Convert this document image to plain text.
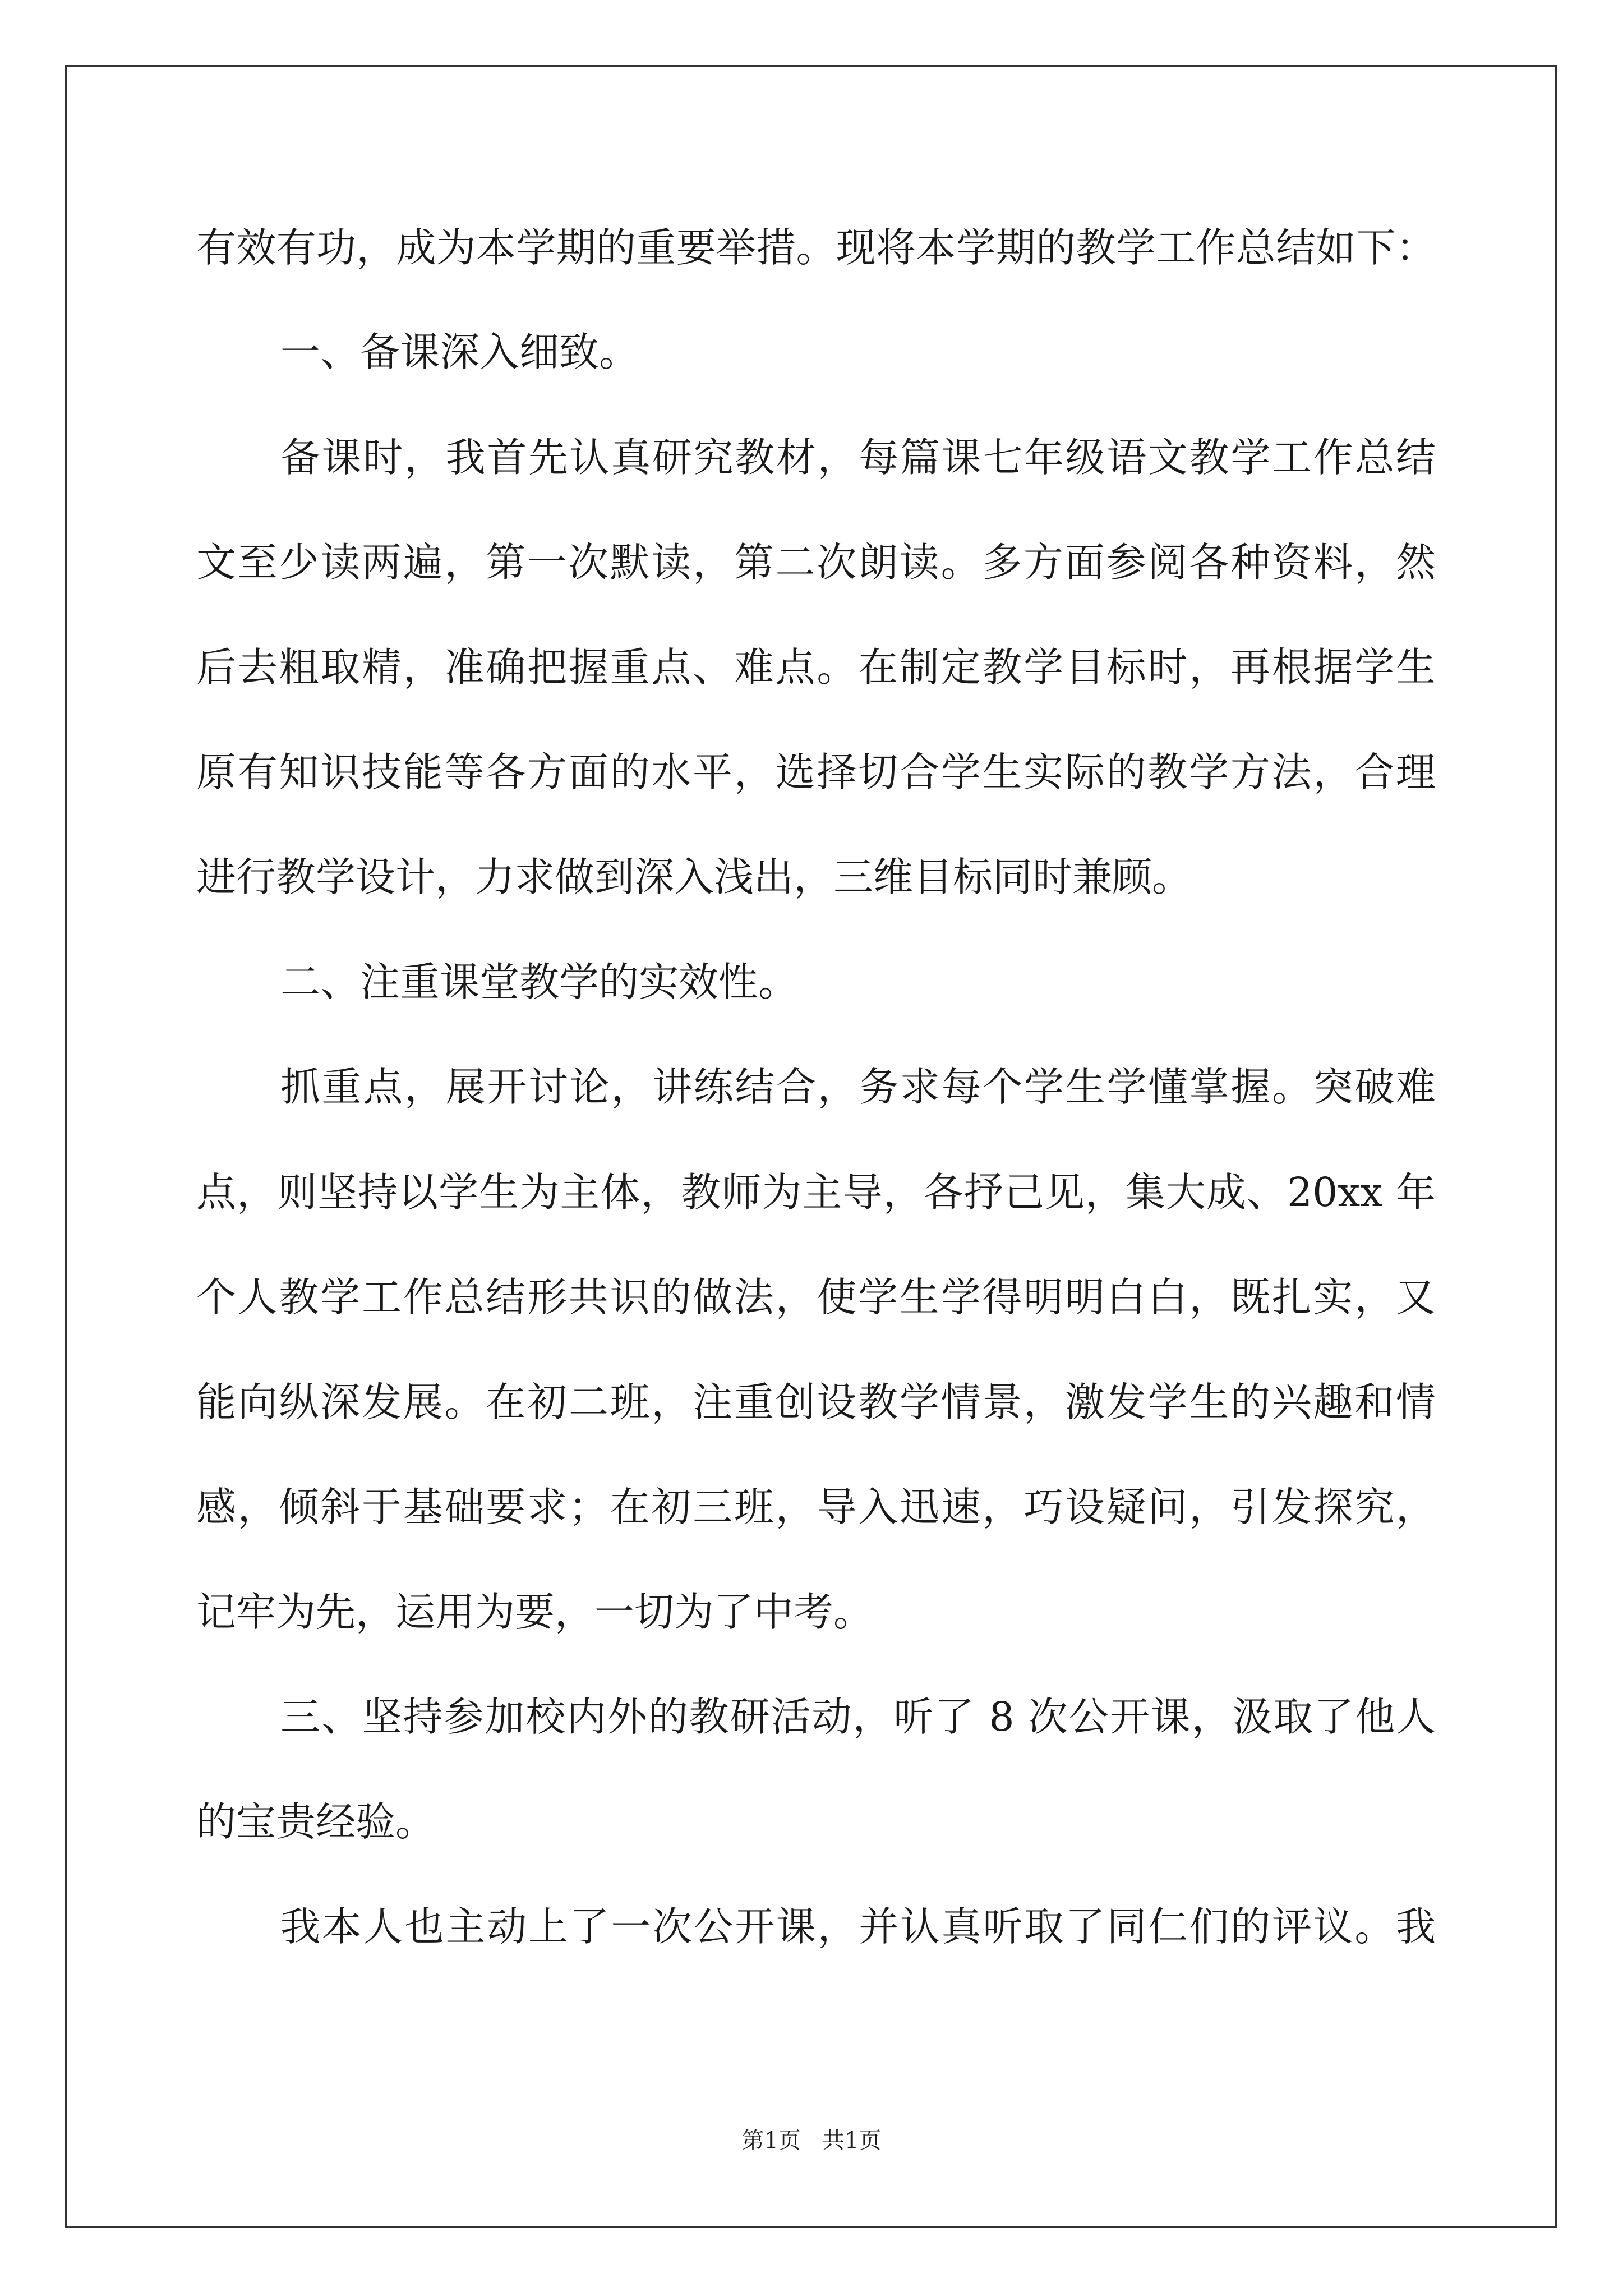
有效有功，成为本学期的重要举措。现将本学期的教学工作总结如下：
一、备课深入细致。
备课时，我首先认真研究教材，每篇课七年级语文教学工作总结
文至少读两遍，第一次默读，第二次朗读。多方面参阅各种资料，然
后去粗取精，准确把握重点、难点。在制定教学目标时，再根据学生
原有知识技能等各方面的水平，选择切合学生实际的教学方法，合理
进行教学设计，力求做到深入浅出，三维目标同时兼顾。
二、注重课堂教学的实效性。
抓重点，展开讨论，讲练结合，务求每个学生学懂掌握。突破难
点，则坚持以学生为主体，教师为主导，各抒己见，集大成、20xx 年
个人教学工作总结形共识的做法，使学生学得明明白白，既扎实，又
能向纵深发展。在初二班，注重创设教学情景，激发学生的兴趣和情
感，倾斜于基础要求；在初三班，导入迅速，巧设疑问，引发探究，
记牢为先，运用为要，一切为了中考。
三、坚持参加校内外的教研活动，听了 8 次公开课，汲取了他人
的宝贵经验。
我本人也主动上了一次公开课，并认真听取了同仁们的评议。我
第1页   共1页
